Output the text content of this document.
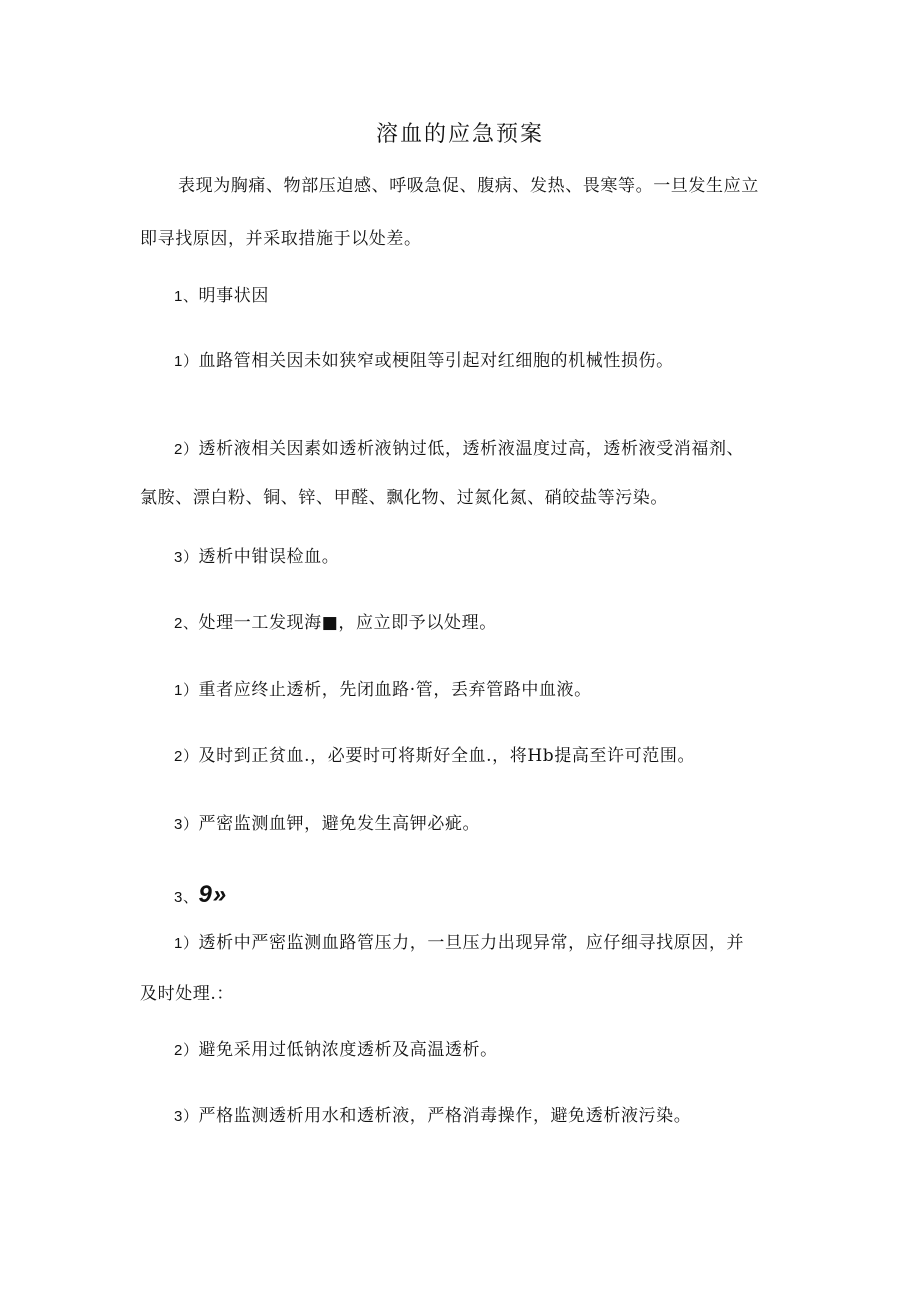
溶血的应急预案
表现为胸痛、物部压迫感、呼吸急促、腹病、发热、畏寒等。一旦发生应立
即寻找原因，并采取措施于以处差。
1、明事状因
1）血路管相关因未如狭窄或梗阻等引起对红细胞的机械性损伤。
2）透析液相关因素如透析液钠过低，透析液温度过高，透析液受消福剂、
氯胺、漂白粉、铜、锌、甲醛、飘化物、过氮化氮、硝皎盐等污染。
3）透析中钳误检血。
2、处理一工发现海■，应立即予以处理。
1）重者应终止透析，先闭血路·管，丢弃管路中血液。
2）及时到正贫血.，必要时可将斯好全血.，将Hb提高至许可范围。
3）严密监测血钾，避免发生高钾必疵。
3、9»
1）透析中严密监测血路管压力，一旦压力出现异常，应仔细寻找原因，并
及时处理.：
2）避免采用过低钠浓度透析及高温透析。
3）严格监测透析用水和透析液，严格消毒操作，避免透析液污染。
